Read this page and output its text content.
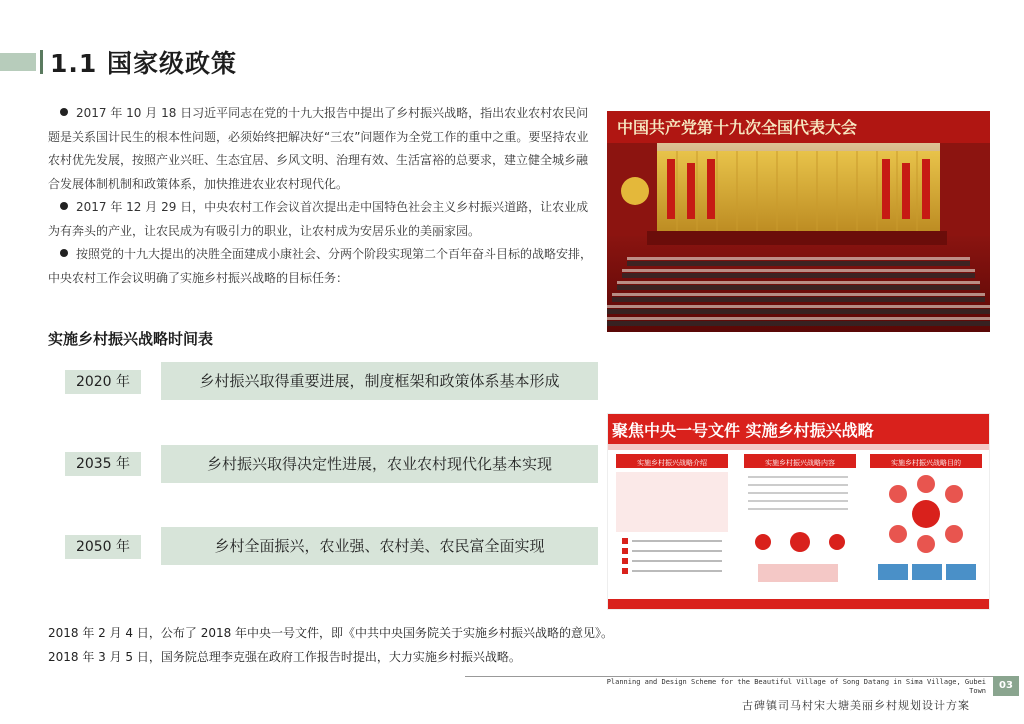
1.1 国家级政策

2017 年 10 月 18 日习近平同志在党的十九大报告中提出了乡村振兴战略，指出农业农村农民问题是关系国计民生的根本性问题，必须始终把解决好“三农”问题作为全党工作的重中之重。要坚持农业农村优先发展，按照产业兴旺、生态宜居、乡风文明、治理有效、生活富裕的总要求，建立健全城乡融合发展体制机制和政策体系，加快推进农业农村现代化。

2017 年 12 月 29 日，中央农村工作会议首次提出走中国特色社会主义乡村振兴道路，让农业成为有奔头的产业，让农民成为有吸引力的职业，让农村成为安居乐业的美丽家园。

按照党的十九大提出的决胜全面建成小康社会、分两个阶段实现第二个百年奋斗目标的战略安排，中央农村工作会议明确了实施乡村振兴战略的目标任务：

中国共产党第十九次全国代表大会
实施乡村振兴战略时间表
2020 年	乡村振兴取得重要进展，制度框架和政策体系基本形成
2035 年	乡村振兴取得决定性进展，农业农村现代化基本实现
2050 年	乡村全面振兴，农业强、农村美、农民富全面实现
聚焦中央一号文件 实施乡村振兴战略
实施乡村振兴战略介绍	实施乡村振兴战略内容	实施乡村振兴战略目的
2018 年 2 月 4 日，公布了 2018 年中央一号文件，即《中共中央国务院关于实施乡村振兴战略的意见》。
2018 年 3 月 5 日，国务院总理李克强在政府工作报告时提出，大力实施乡村振兴战略。
Planning and Design Scheme for the Beautiful Village of Song Datang in Sima Village, Gubei Town
古碑镇司马村宋大塘美丽乡村规划设计方案
03
